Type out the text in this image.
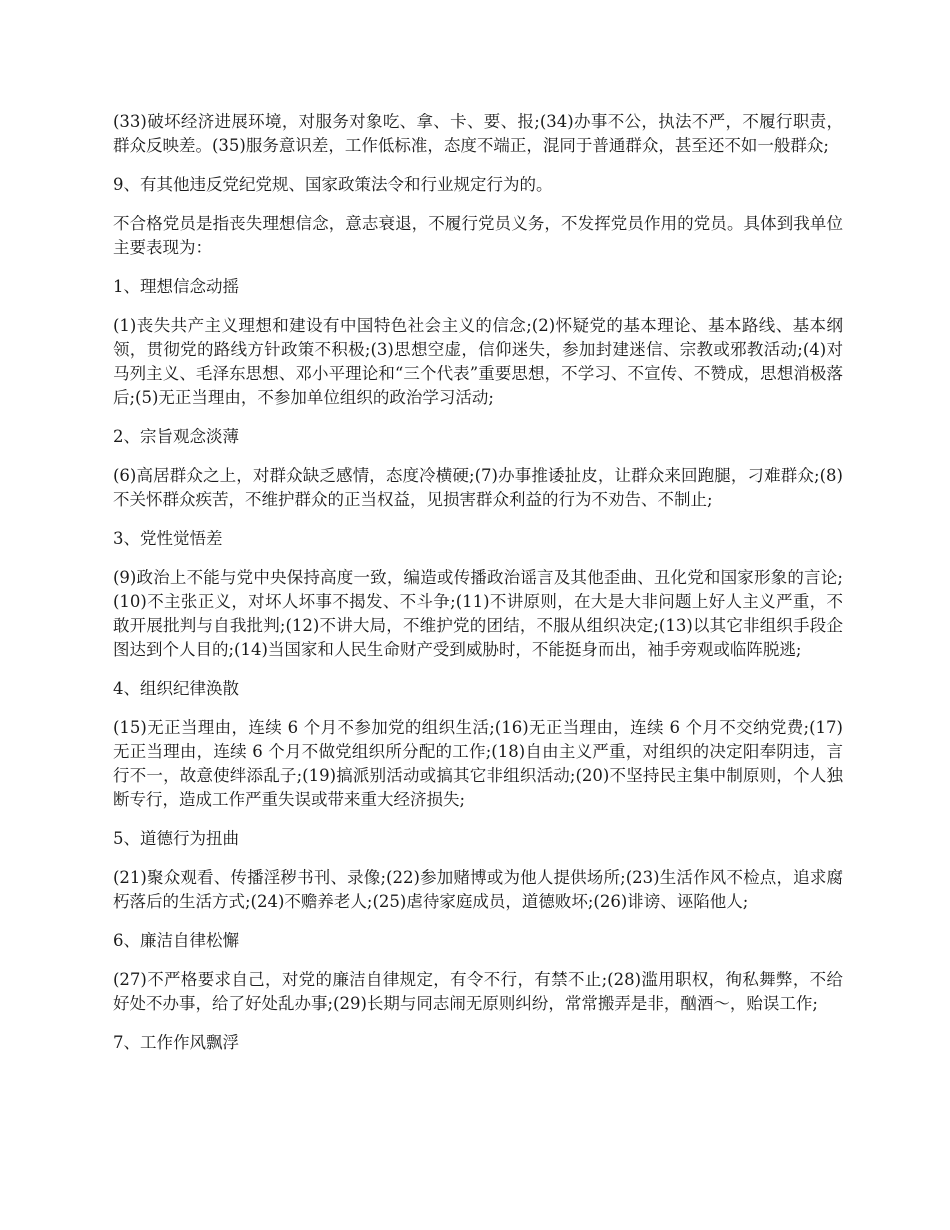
(33)破坏经济进展环境，对服务对象吃、拿、卡、要、报;(34)办事不公，执法不严，不履行职责，群众反映差。(35)服务意识差，工作低标准，态度不端正，混同于普通群众，甚至还不如一般群众;

9、有其他违反党纪党规、国家政策法令和行业规定行为的。

不合格党员是指丧失理想信念，意志衰退，不履行党员义务，不发挥党员作用的党员。具体到我单位主要表现为：

1、理想信念动摇

(1)丧失共产主义理想和建设有中国特色社会主义的信念;(2)怀疑党的基本理论、基本路线、基本纲领，贯彻党的路线方针政策不积极;(3)思想空虚，信仰迷失，参加封建迷信、宗教或邪教活动;(4)对马列主义、毛泽东思想、邓小平理论和“三个代表”重要思想，不学习、不宣传、不赞成，思想消极落后;(5)无正当理由，不参加单位组织的政治学习活动;

2、宗旨观念淡薄

(6)高居群众之上，对群众缺乏感情，态度冷横硬;(7)办事推诿扯皮，让群众来回跑腿，刁难群众;(8)不关怀群众疾苦，不维护群众的正当权益，见损害群众利益的行为不劝告、不制止;

3、党性觉悟差

(9)政治上不能与党中央保持高度一致，编造或传播政治谣言及其他歪曲、丑化党和国家形象的言论;(10)不主张正义，对坏人坏事不揭发、不斗争;(11)不讲原则，在大是大非问题上好人主义严重，不敢开展批判与自我批判;(12)不讲大局，不维护党的团结，不服从组织决定;(13)以其它非组织手段企图达到个人目的;(14)当国家和人民生命财产受到威胁时，不能挺身而出，袖手旁观或临阵脱逃;

4、组织纪律涣散

(15)无正当理由，连续 6 个月不参加党的组织生活;(16)无正当理由，连续 6 个月不交纳党费;(17)无正当理由，连续 6 个月不做党组织所分配的工作;(18)自由主义严重，对组织的决定阳奉阴违，言行不一，故意使绊添乱子;(19)搞派别活动或搞其它非组织活动;(20)不坚持民主集中制原则，个人独断专行，造成工作严重失误或带来重大经济损失;

5、道德行为扭曲

(21)聚众观看、传播淫秽书刊、录像;(22)参加赌博或为他人提供场所;(23)生活作风不检点，追求腐朽落后的生活方式;(24)不赡养老人;(25)虐待家庭成员，道德败坏;(26)诽谤、诬陷他人;

6、廉洁自律松懈

(27)不严格要求自己，对党的廉洁自律规定，有令不行，有禁不止;(28)滥用职权，徇私舞弊，不给好处不办事，给了好处乱办事;(29)长期与同志闹无原则纠纷，常常搬弄是非，酗酒～，贻误工作;

7、工作作风飘浮
